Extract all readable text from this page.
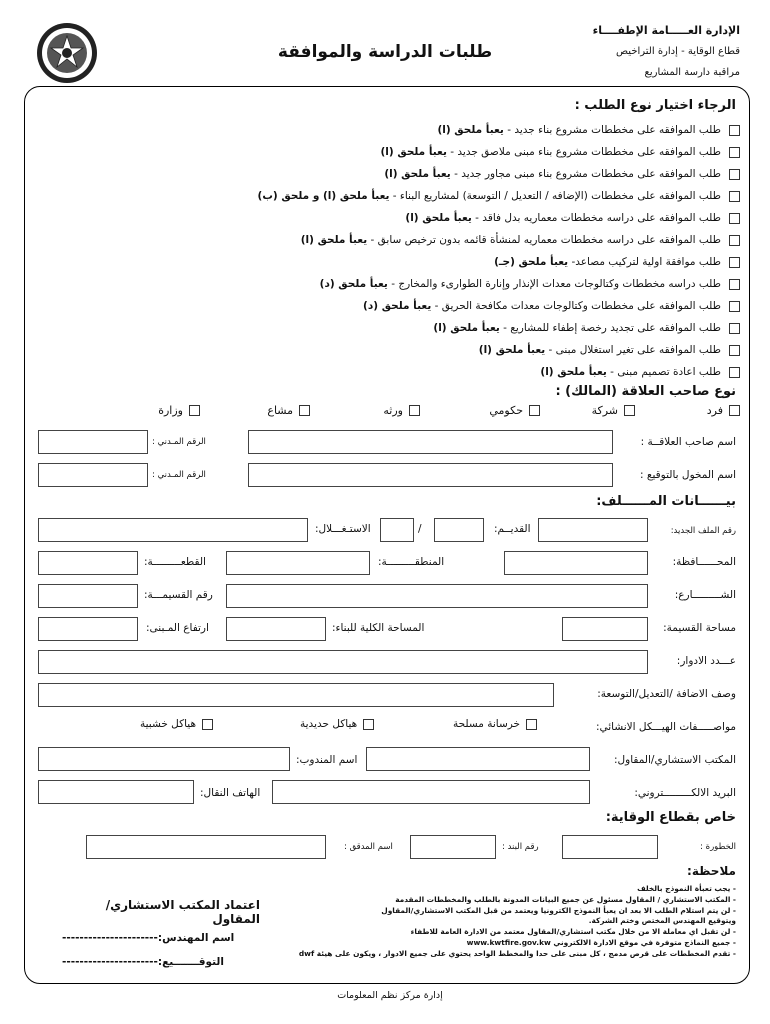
الإدارة العـــــامة الإطفــــاء
قطاع الوقاية - إدارة التراخيص
مراقبة دارسة المشاريع
طلبات الدراسة والموافقة
الرجاء اختيار نوع الطلب :
طلب الموافقه على مخططات مشروع بناء جديد - يعبأ ملحق (ا)
طلب الموافقه على مخططات مشروع بناء مبنى ملاصق جديد - يعبأ ملحق (ا)
طلب الموافقه على مخططات مشروع بناء مبنى مجاور جديد - يعبأ ملحق (ا)
طلب الموافقه على مخططات (الإضافه / التعديل / التوسعة) لمشاريع البناء - يعبأ ملحق (ا) و ملحق (ب)
طلب الموافقه على دراسه مخططات معماريه بدل فاقد - يعبأ ملحق (ا)
طلب الموافقه على دراسه مخططات معماريه لمنشأة قائمه بدون ترخيص سابق - يعبأ ملحق (ا)
طلب موافقة اولية لتركيب مصاعد- يعبأ ملحق (جـ)
طلب دراسه مخططات وكتالوجات معدات الإنذار وإنارة الطوارىء والمخارج - يعبأ ملحق (د)
طلب الموافقه على مخططات وكتالوجات معدات مكافحة الحريق - يعبأ ملحق (د)
طلب الموافقه على تجديد رخصة إطفاء للمشاريع - يعبأ ملحق (ا)
طلب الموافقه على تغير استغلال مبنى - يعبأ ملحق (ا)
طلب اعادة تصميم مبنى - يعبأ ملحق (ا)
نوع صاحب العلاقة (المالك) :
فرد
شركة
حكومي
ورثه
مشاع
وزارة
اسم صاحب العلاقــة :
الرقم المـدني :
اسم المخول بالتوقيع :
الرقم المـدني :
بيــــــانات المــــــلف:
رقم الملف الجديد:
القديــم:
/
الاستـغـــلال:
المحــــــافظة:
المنطقـــــــــة:
القطعـــــــــة:
الشـــــــــارع:
رقم القسيمـــة:
مساحة القسيمة:
المساحة الكلية للبناء:
ارتفاع المـبنى:
عـــدد الادوار:
وصف الاضافة /التعديل/التوسعة:
مواصـــــفات الهيـــكل الانشائي:
خرسانة مسلحة
هياكل حديدية
هياكل خشبية
المكتب الاستشاري/المقاول:
اسم المندوب:
البريد الالكـــــــــتروني:
الهاتف النقال:
خاص بقطاع الوقاية:
الخطورة :
رقم البند :
اسم المدقق :
ملاحظة:
- يجب تعبأة النموذج بالخلف
- المكتب الاستشاري / المقاول مسئول عن جميع البيانات المدونة بالطلب والمخططات المقدمة
- لن يتم استلام الطلب الا بعد ان يعبأ النموذج الكترونيا ويعتمد من قبل المكتب الاستشاري/المقاول
ويتوقيع المهندس المختص وختم الشركة.
- لن تقبل اي معاملة الا من خلال مكتب استشاري/المقاول معتمد من الادارة العامة للاطفاء
- جميع النماذج متوفرة في موقع الادارة الالكتروني www.kwtfire.gov.kw
- تقدم المخططات على قرص مدمج ، كل مبنى على حدا والمخطط الواحد يحتوي على جميع الادوار ، ويكون على هيئة dwf
اعتماد المكتب الاستشاري/المقاول
اسم المهندس:----------------------
التوقـــــــيع:----------------------
إدارة مركز نظم المعلومات
